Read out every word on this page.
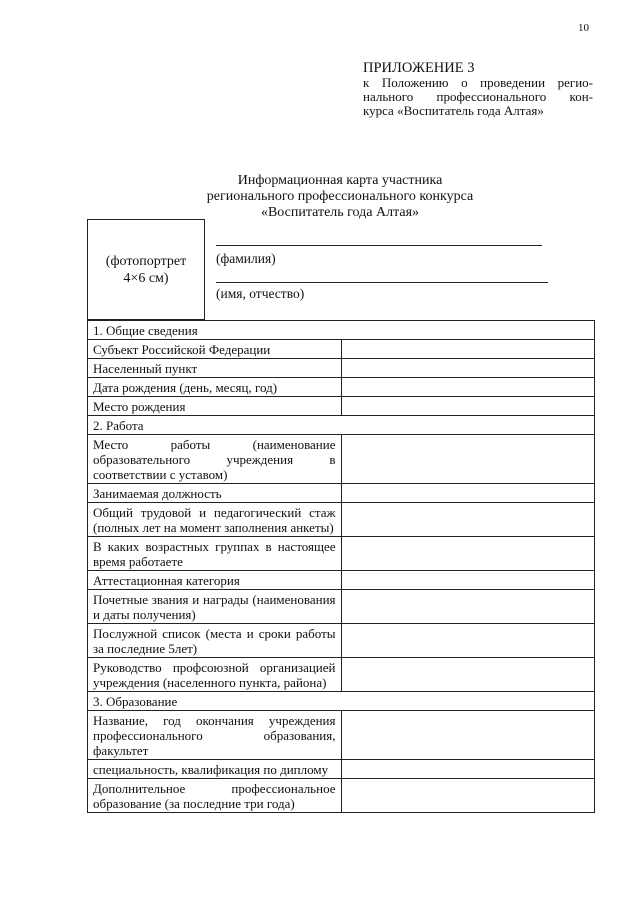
10
ПРИЛОЖЕНИЕ 3
к Положению о проведении регио-
нального профессионального кон-
курса «Воспитатель года Алтая»
Информационная карта участника
регионального профессионального конкурса
«Воспитатель года Алтая»
(фотопортрет
4×6 см)
(фамилия)
(имя, отчество)
1. Общие сведения	
Субъект Российской Федерации	
Населенный пункт	
Дата рождения (день, месяц, год)	
Место рождения	
2. Работа	
Место работы (наименование образовательного учреждения в соответствии с уставом)	
Занимаемая должность	
Общий трудовой и педагогический стаж (полных лет на момент заполнения анкеты)	
В каких возрастных группах в настоящее время работаете	
Аттестационная категория	
Почетные звания и награды (наименования и даты получения)	
Послужной список (места и сроки работы за последние 5лет)	
Руководство профсоюзной организацией учреждения (населенного пункта, района)	
3. Образование	
Название, год окончания учреждения профессионального образования, факультет	
специальность, квалификация по диплому	
Дополнительное профессиональное образование (за последние три года)	
